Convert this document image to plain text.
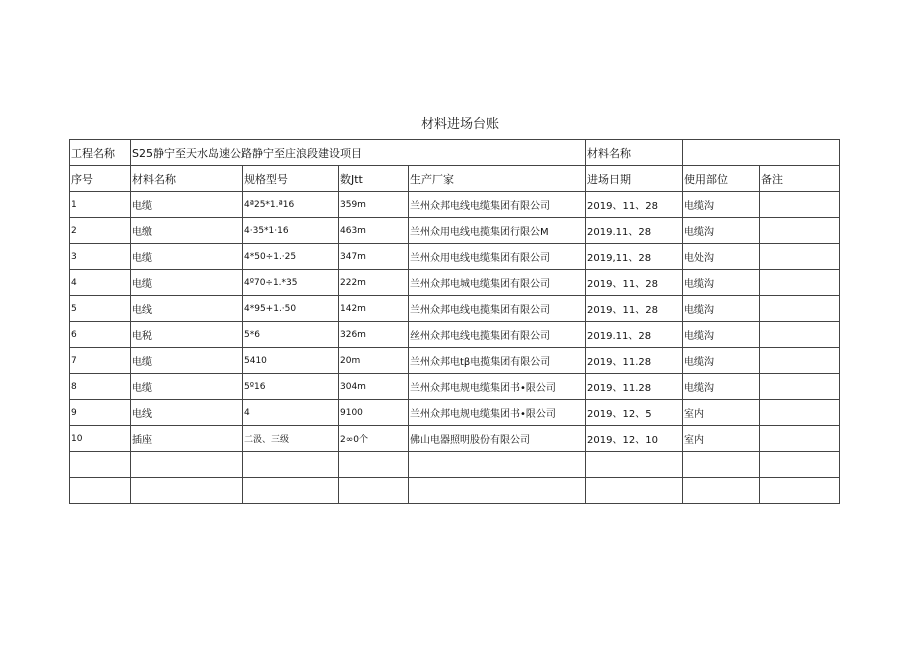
材料进场台账
工程名称	S25静宁至天水岛速公路静宁至庄浪段建设项目				材料名称		
序号	材料名称	规格型号	数Jtt	生产厂家	进场日期	使用部位	备注
1	电缆	4ª25*1.ª16	359m	兰州众邦电线电缆集团有限公司	2019、11、28	电缆沟	
2	电缴	4·35*1·16	463m	兰州众用电线电揽集团行限公M	2019.11、28	电缆沟	
3	电缆	4*50÷1.·25	347m	兰州众用电线电缆集团有限公司	2019,11、28	电处沟	
4	电缆	4º70÷1.*35	222m	兰州众邦电城电缆集团有限公司	2019、11、28	电缆沟	
5	电线	4*95+1.·50	142m	兰州众邦电线电揽集团有限公司	2019、11、28	电缆沟	
6	电税	5*6	326m	丝州众邦电线电揽集团有限公司	2019.11、28	电缆沟	
7	电缆	5410	20m	兰州众邦电tβ电揽集团有限公司	2019、11.28	电缆沟	
8	电缆	5º16	304m	兰州众邦电规电缆集团书•限公司	2019、11.28	电缆沟	
9	电线	4	9100	兰州众邦电规电缆集团书•限公司	2019、12、5	室内	
10	插座	二汲、三级	2∞0个	佛山电器照明股份有限公司	2019、12、10	室内	
